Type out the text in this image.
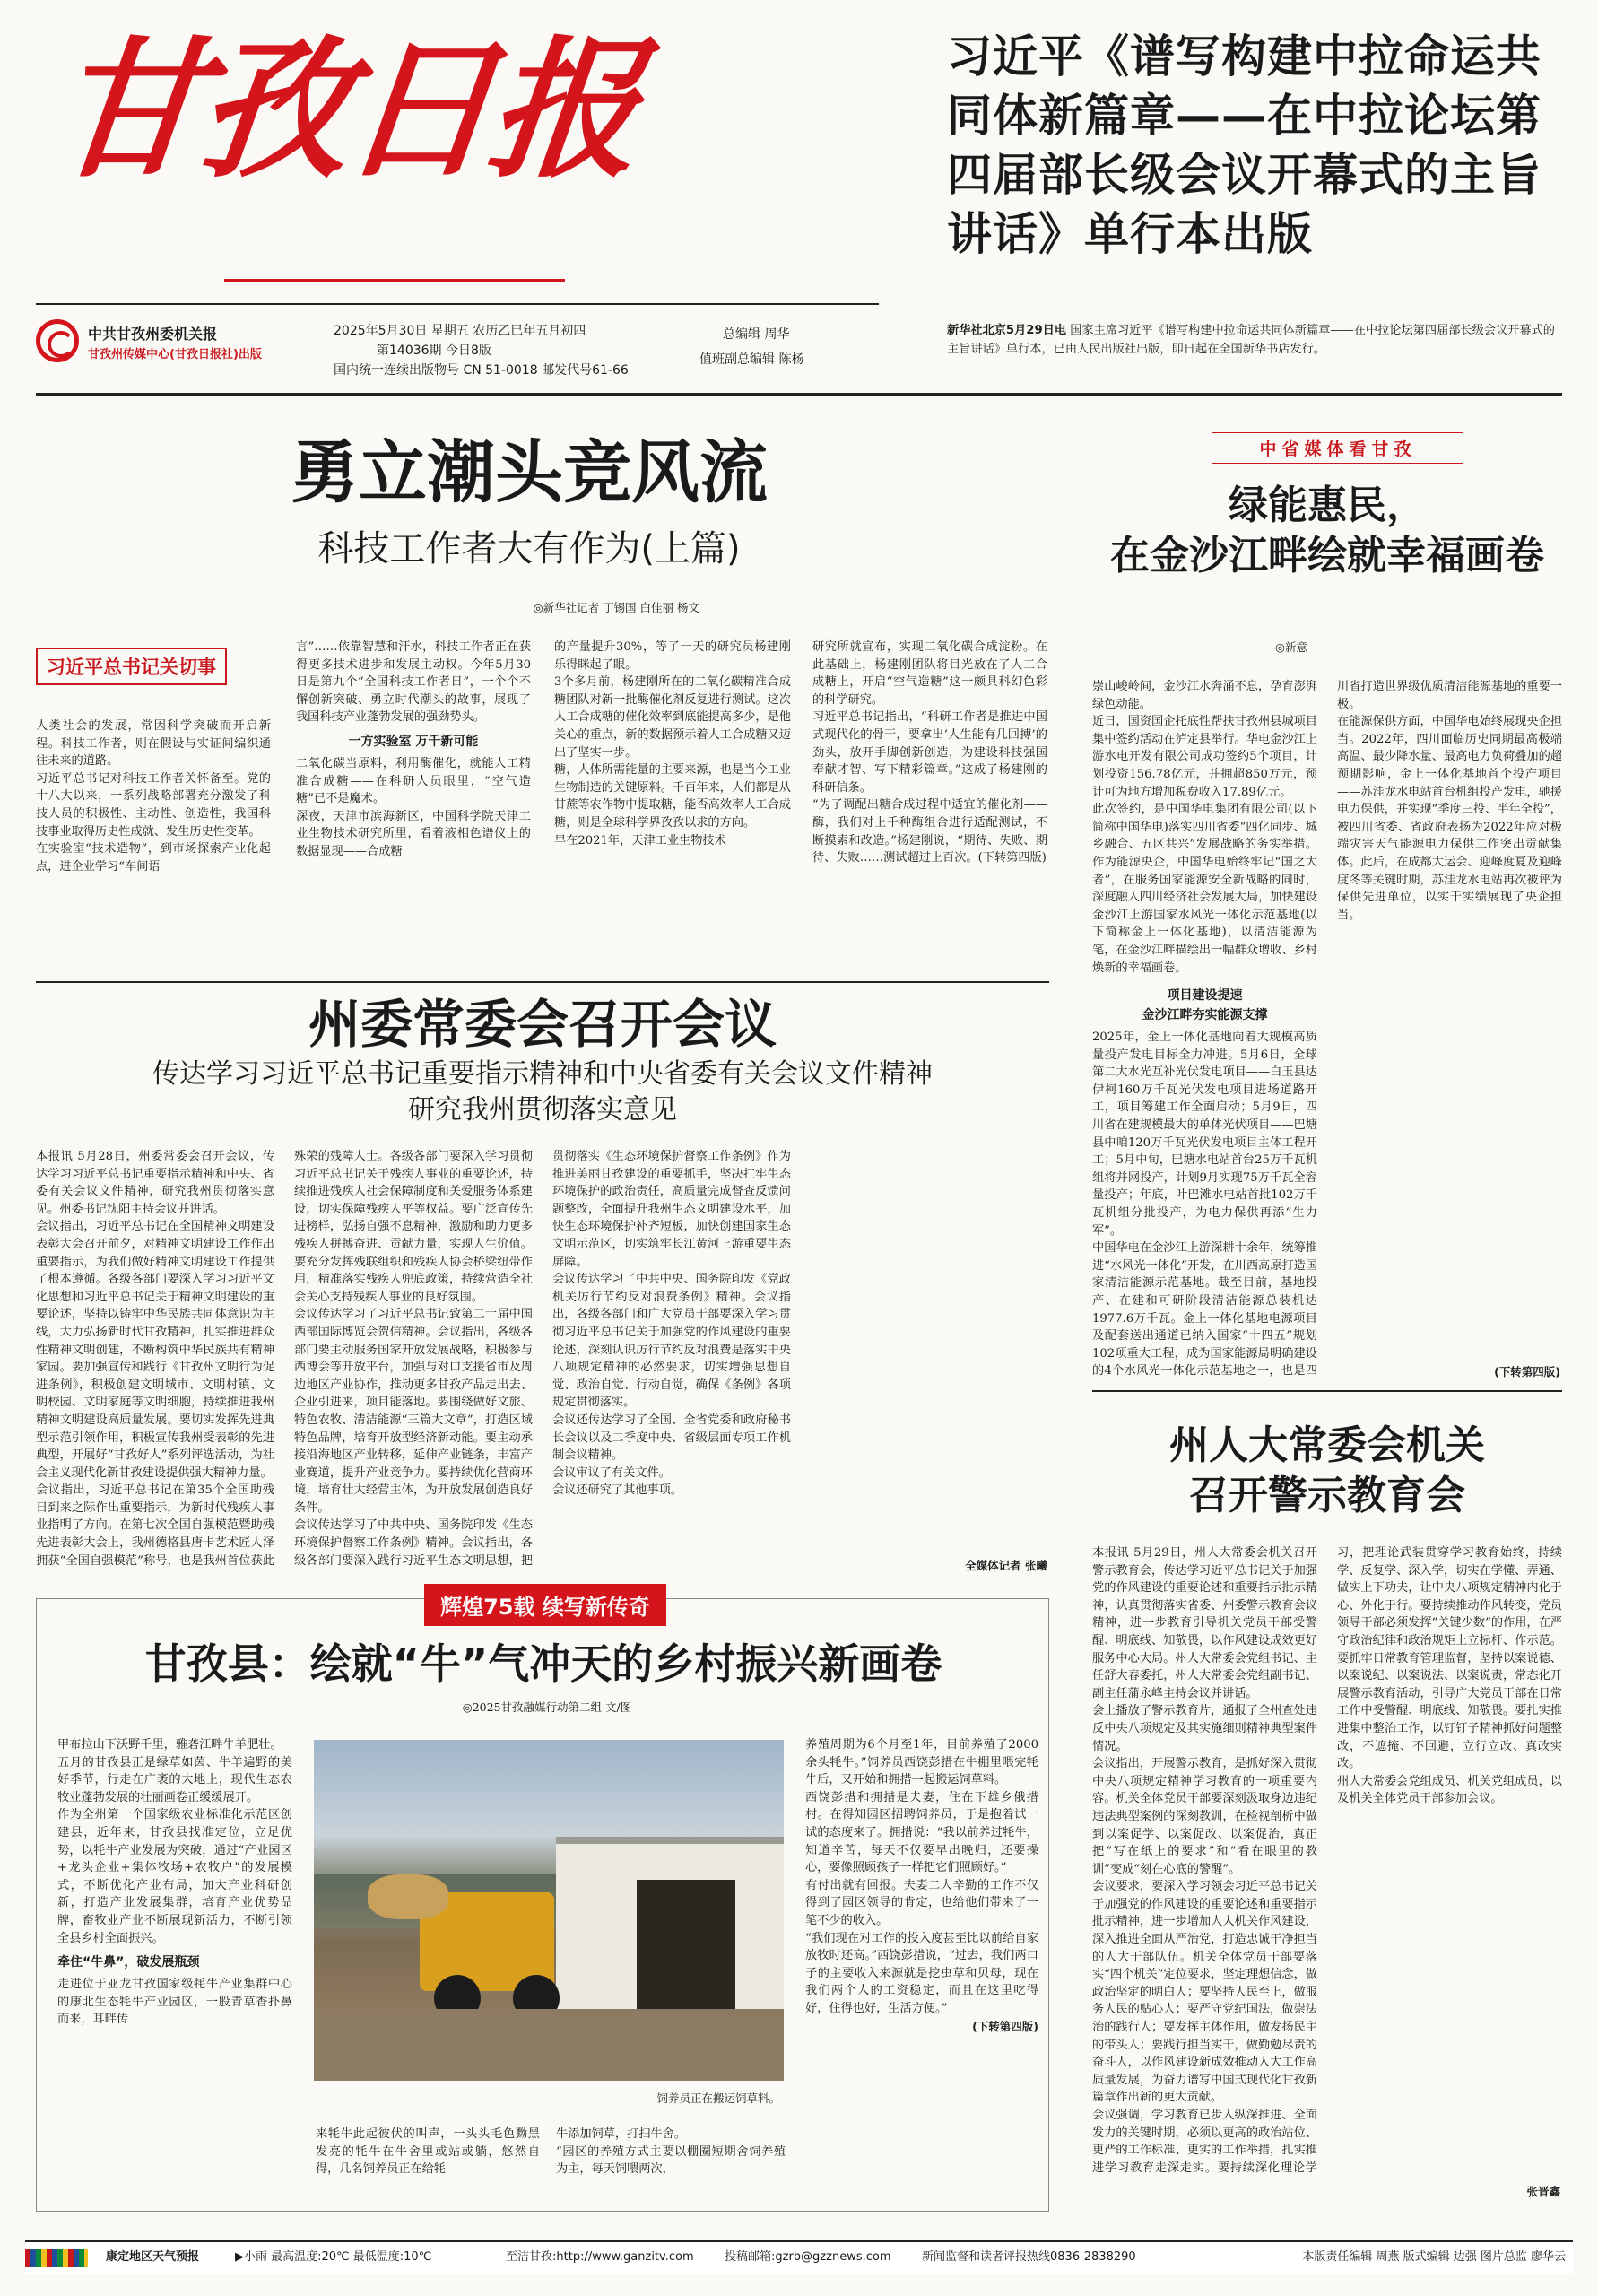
甘孜日报
中共甘孜州委机关报
甘孜州传媒中心(甘孜日报社)出版
2025年5月30日 星期五 农历乙巳年五月初四
第14036期 今日8版
国内统一连续出版物号 CN 51-0018 邮发代号61-66
总编辑 周华
值班副总编辑 陈杨
习近平《谱写构建中拉命运共同体新篇章——在中拉论坛第四届部长级会议开幕式的主旨讲话》单行本出版
新华社北京5月29日电 国家主席习近平《谱写构建中拉命运共同体新篇章——在中拉论坛第四届部长级会议开幕式的主旨讲话》单行本，已由人民出版社出版，即日起在全国新华书店发行。
勇立潮头竞风流
科技工作者大有作为(上篇)
◎新华社记者 丁锡国 白佳丽 杨文
习近平总书记关切事
人类社会的发展，常因科学突破而开启新程。科技工作者，则在假设与实证间编织通往未来的道路。
习近平总书记对科技工作者关怀备至。党的十八大以来，一系列战略部署充分激发了科技人员的积极性、主动性、创造性，我国科技事业取得历史性成就、发生历史性变革。
在实验室“技术造物”，到市场探索产业化起点，进企业学习“车间语
言”……依靠智慧和汗水，科技工作者正在获得更多技术进步和发展主动权。今年5月30日是第九个“全国科技工作者日”，一个个不懈创新突破、勇立时代潮头的故事，展现了我国科技产业蓬勃发展的强劲势头。
一方实验室 万千新可能
二氧化碳当原料，利用酶催化，就能人工精准合成糖——在科研人员眼里，“空气造糖”已不是魔术。
深夜，天津市滨海新区，中国科学院天津工业生物技术研究所里，看着液相色谱仪上的数据显现——合成糖
的产量提升30%，等了一天的研究员杨建刚乐得眯起了眼。
3个多月前，杨建刚所在的二氧化碳精准合成糖团队对新一批酶催化剂反复进行测试。这次人工合成糖的催化效率到底能提高多少，是他关心的重点，新的数据预示着人工合成糖又迈出了坚实一步。
糖，人体所需能量的主要来源，也是当今工业生物制造的关键原料。千百年来，人们都是从甘蔗等农作物中提取糖，能否高效率人工合成糖，则是全球科学界孜孜以求的方向。
早在2021年，天津工业生物技术
研究所就宣布，实现二氧化碳合成淀粉。在此基础上，杨建刚团队将目光放在了人工合成糖上，开启“空气造糖”这一颇具科幻色彩的科学研究。
习近平总书记指出，“科研工作者是推进中国式现代化的骨干，要拿出‘人生能有几回搏’的劲头，放开手脚创新创造，为建设科技强国奉献才智、写下精彩篇章。”这成了杨建刚的科研信条。
“为了调配出糖合成过程中适宜的催化剂——酶，我们对上千种酶组合进行适配测试，不断摸索和改造。”杨建刚说，“期待、失败、期待、失败……测试超过上百次。(下转第四版)
州委常委会召开会议
传达学习习近平总书记重要指示精神和中央省委有关会议文件精神
研究我州贯彻落实意见
本报讯 5月28日，州委常委会召开会议，传达学习习近平总书记重要指示精神和中央、省委有关会议文件精神，研究我州贯彻落实意见。州委书记沈阳主持会议并讲话。
会议指出，习近平总书记在全国精神文明建设表彰大会召开前夕，对精神文明建设工作作出重要指示，为我们做好精神文明建设工作提供了根本遵循。各级各部门要深入学习习近平文化思想和习近平总书记关于精神文明建设的重要论述，坚持以铸牢中华民族共同体意识为主线，大力弘扬新时代甘孜精神，扎实推进群众性精神文明创建，不断构筑中华民族共有精神家园。要加强宣传和践行《甘孜州文明行为促进条例》，积极创建文明城市、文明村镇、文明校园、文明家庭等文明细胞，持续推进我州精神文明建设高质量发展。要切实发挥先进典型示范引领作用，积极宣传我州受表彰的先进典型，开展好“甘孜好人”系列评选活动，为社会主义现代化新甘孜建设提供强大精神力量。
会议指出，习近平总书记在第35个全国助残日到来之际作出重要指示，为新时代残疾人事业指明了方向。在第七次全国自强模范暨助残先进表彰大会上，我州德格县唐卡艺术匠人泽拥获“全国自强模范”称号，也是我州首位获此殊荣的残障人士。各级各部门要深入学习贯彻习近平总书记关于残疾人事业的重要论述，持续推进残疾人社会保障制度和关爱服务体系建设，切实保障残疾人平等权益。要广泛宣传先进榜样，弘扬自强不息精神，激励和助力更多残疾人拼搏奋进、贡献力量，实现人生价值。要充分发挥残联组织和残疾人协会桥梁纽带作用，精准落实残疾人兜底政策，持续营造全社会关心支持残疾人事业的良好氛围。
会议传达学习了习近平总书记致第二十届中国西部国际博览会贺信精神。会议指出，各级各部门要主动服务国家开放发展战略，积极参与西博会等开放平台，加强与对口支援省市及周边地区产业协作，推动更多甘孜产品走出去、企业引进来，项目能落地。要围绕做好文旅、特色农牧、清洁能源“三篇大文章”，打造区域特色品牌，培育开放型经济新动能。要主动承接沿海地区产业转移，延伸产业链条，丰富产业赛道，提升产业竞争力。要持续优化营商环境，培育壮大经营主体，为开放发展创造良好条件。
会议传达学习了中共中央、国务院印发《生态环境保护督察工作条例》精神。会议指出，各级各部门要深入践行习近平生态文明思想，把贯彻落实《生态环境保护督察工作条例》作为推进美丽甘孜建设的重要抓手，坚决扛牢生态环境保护的政治责任，高质量完成督查反馈问题整改，全面提升我州生态文明建设水平，加快生态环境保护补齐短板，加快创建国家生态文明示范区，切实筑牢长江黄河上游重要生态屏障。
会议传达学习了中共中央、国务院印发《党政机关厉行节约反对浪费条例》精神。会议指出，各级各部门和广大党员干部要深入学习贯彻习近平总书记关于加强党的作风建设的重要论述，深刻认识厉行节约反对浪费是落实中央八项规定精神的必然要求，切实增强思想自觉、政治自觉、行动自觉，确保《条例》各项规定贯彻落实。
会议还传达学习了全国、全省党委和政府秘书长会议以及二季度中央、省级层面专项工作机制会议精神。
会议审议了有关文件。
会议还研究了其他事项。
全媒体记者 张曦
中省媒体看甘孜
绿能惠民，
在金沙江畔绘就幸福画卷
◎新意
崇山峻岭间，金沙江水奔涌不息，孕育澎湃绿色动能。
近日，国资国企托底性帮扶甘孜州县城项目集中签约活动在泸定县举行。华电金沙江上游水电开发有限公司成功签约5个项目，计划投资156.78亿元，并拥超850万元，预计可为地方增加税费收入17.89亿元。
此次签约，是中国华电集团有限公司(以下简称中国华电)落实四川省委“四化同步、城乡融合、五区共兴”发展战略的务实举措。作为能源央企，中国华电始终牢记“国之大者”，在服务国家能源安全新战略的同时，深度融入四川经济社会发展大局，加快建设金沙江上游国家水风光一体化示范基地(以下简称金上一体化基地)，以清洁能源为笔，在金沙江畔描绘出一幅群众增收、乡村焕新的幸福画卷。
项目建设提速
金沙江畔夯实能源支撑
2025年，金上一体化基地向着大规模高质量投产发电目标全力冲进。5月6日，全球第二大水光互补光伏发电项目——白玉县达伊柯160万千瓦光伏发电项目进场道路开工，项目筹建工作全面启动；5月9日，四川省在建规模最大的单体光伏项目——巴塘县中咱120万千瓦光伏发电项目主体工程开工；5月中旬，巴塘水电站首台25万千瓦机组将并网投产，计划9月实现75万千瓦全容量投产；年底，叶巴滩水电站首批102万千瓦机组分批投产，为电力保供再添“生力军”。
中国华电在金沙江上游深耕十余年，统筹推进“水风光一体化”开发，在川西高原打造国家清洁能源示范基地。截至目前，基地投产、在建和可研阶段清洁能源总装机达1977.6万千瓦。金上一体化基地电源项目及配套送出通道已纳入国家“十四五”规划102项重大工程，成为国家能源局明确建设的4个水风光一体化示范基地之一，也是四川省打造世界级优质清洁能源基地的重要一极。
在能源保供方面，中国华电始终展现央企担当。2022年，四川面临历史同期最高极端高温、最少降水量、最高电力负荷叠加的超预期影响，金上一体化基地首个投产项目——苏洼龙水电站首台机组投产发电，驰援电力保供，并实现“季度三投、半年全投”，被四川省委、省政府表扬为2022年应对极端灾害天气能源电力保供工作突出贡献集体。此后，在成都大运会、迎峰度夏及迎峰度冬等关键时期，苏洼龙水电站再次被评为保供先进单位，以实干实绩展现了央企担当。
(下转第四版)
州人大常委会机关
召开警示教育会
本报讯 5月29日，州人大常委会机关召开警示教育会，传达学习近平总书记关于加强党的作风建设的重要论述和重要指示批示精神，认真贯彻落实省委、州委警示教育会议精神，进一步教育引导机关党员干部受警醒、明底线、知敬畏，以作风建设成效更好服务中心大局。州人大常委会党组书记、主任舒大春委托，州人大常委会党组副书记、副主任蒲永峰主持会议并讲话。
会上播放了警示教育片，通报了全州查处违反中央八项规定及其实施细则精神典型案件情况。
会议指出，开展警示教育，是抓好深入贯彻中央八项规定精神学习教育的一项重要内容。机关全体党员干部要深刻汲取身边违纪违法典型案例的深刻教训，在检视剖析中做到以案促学、以案促改、以案促治，真正把“写在纸上的要求”和“看在眼里的教训”变成“刻在心底的警醒”。
会议要求，要深入学习领会习近平总书记关于加强党的作风建设的重要论述和重要指示批示精神，进一步增加人大机关作风建设，深入推进全面从严治党，打造忠诚干净担当的人大干部队伍。机关全体党员干部要落实“四个机关”定位要求，坚定理想信念，做政治坚定的明白人；要坚持人民至上，做服务人民的贴心人；要严守党纪国法，做崇法治的践行人；要发挥主体作用，做发扬民主的带头人；要践行担当实干，做勤勉尽责的奋斗人，以作风建设新成效推动人大工作高质量发展，为奋力谱写中国式现代化甘孜新篇章作出新的更大贡献。
会议强调，学习教育已步入纵深推进、全面发力的关键时期，必须以更高的政治站位、更严的工作标准、更实的工作举措，扎实推进学习教育走深走实。要持续深化理论学习，把理论武装贯穿学习教育始终，持续学、反复学、深入学，切实在学懂、弄通、做实上下功夫，让中央八项规定精神内化于心、外化于行。要持续推动作风转变，党员领导干部必须发挥“关键少数”的作用，在严守政治纪律和政治规矩上立标杆、作示范。要抓牢日常教育管理监督，坚持以案说德、以案说纪、以案说法、以案说责，常态化开展警示教育活动，引导广大党员干部在日常工作中受警醒、明底线、知敬畏。要扎实推进集中整治工作，以钉钉子精神抓好问题整改，不遮掩、不回避，立行立改、真改实改。
州人大常委会党组成员、机关党组成员，以及机关全体党员干部参加会议。
张晋鑫
辉煌75载 续写新传奇
甘孜县：绘就“牛”气冲天的乡村振兴新画卷
◎2025甘孜融媒行动第二组 文/图
甲布拉山下沃野千里，雅砻江畔牛羊肥壮。
五月的甘孜县正是绿草如茵、牛羊遍野的美好季节，行走在广袤的大地上，现代生态农牧业蓬勃发展的壮丽画卷正缓缓展开。
作为全州第一个国家级农业标准化示范区创建县，近年来，甘孜县找准定位，立足优势，以牦牛产业发展为突破，通过“产业园区+龙头企业+集体牧场+农牧户”的发展模式，不断优化产业布局，加大产业科研创新，打造产业发展集群，培育产业优势品牌，畜牧业产业不断展现新活力，不断引领全县乡村全面振兴。
牵住“牛鼻”，破发展瓶颈
走进位于亚龙甘孜国家级牦牛产业集群中心的康北生态牦牛产业园区，一股青草香扑鼻而来，耳畔传
饲养员正在搬运饲草料。
来牦牛此起彼伏的叫声，一头头毛色黝黑发亮的牦牛在牛舍里或站或躺，悠然自得，几名饲养员正在给牦
牛添加饲草，打扫牛舍。
“园区的养殖方式主要以棚圈短期舍饲养殖为主，每天饲喂两次，
养殖周期为6个月至1年，目前养殖了2000余头牦牛。”饲养员西饶彭措在牛棚里喂完牦牛后，又开始和拥措一起搬运饲草料。
西饶彭措和拥措是夫妻，住在下雄乡俄措村。在得知园区招聘饲养员，于是抱着试一试的态度来了。拥措说：“我以前养过牦牛，知道辛苦，每天不仅要早出晚归，还要操心，要像照顾孩子一样把它们照顾好。”
有付出就有回报。夫妻二人辛勤的工作不仅得到了园区领导的肯定，也给他们带来了一笔不少的收入。
“我们现在对工作的投入度甚至比以前给自家放牧时还高。”西饶彭措说，“过去，我们两口子的主要收入来源就是挖虫草和贝母，现在我们两个人的工资稳定，而且在这里吃得好，住得也好，生活方便。”
(下转第四版)
康定地区天气预报	▶小雨 最高温度:20℃ 最低温度:10℃	至洁甘孜:http://www.ganzitv.com	投稿邮箱:gzrb@gzznews.com	新闻监督和读者评报热线0836-2838290	本版责任编辑 周燕 版式编辑 边强 图片总监 廖华云
